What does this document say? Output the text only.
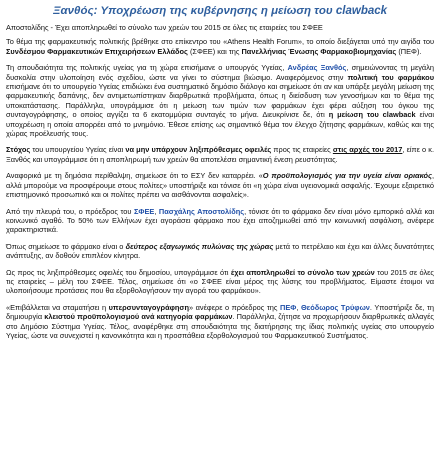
Ξανθός: Υποχρέωση της κυβέρνησης η μείωση του clawback
Αποστολίδης - Έχει αποπληρωθεί το σύνολο των χρεών του 2015 σε όλες τις εταιρείες του ΣΦΕΕ
Το θέμα της φαρμακευτικής πολιτικής βρέθηκε στο επίκεντρο του «Athens Health Forum», το οποίο διεξάγεται υπό την αιγίδα του Συνδέσμου Φαρμακευτικών Επιχειρήσεων Ελλάδος (ΣΦΕΕ) και της Πανελλήνιας Ένωσης Φαρμακοβιομηχανίας (ΠΕΦ).
Τη σπουδαιότητα της πολιτικής υγείας για τη χώρα επισήμανε ο υπουργός Υγείας, Ανδρέας Ξανθός, σημειώνοντας τη μεγάλη δυσκολία στην υλοποίηση ενός σχεδίου, ώστε να γίνει το σύστημα βιώσιμο. Αναφερόμενος στην πολιτική του φαρμάκου επισήμανε ότι το υπουργείο Υγείας επιδιώκει ένα συστηματικό δημόσιο διάλογο και σημείωσε ότι αν και υπάρξε μεγάλη μείωση της φαρμακευτικής δαπάνης, δεν αντιμετωπίστηκαν διαρθρωτικά προβλήματα, όπως η διείσδυση των γενοσήμων και το θέμα της υποκατάστασης. Παράλληλα, υπογράμμισε ότι η μείωση των τιμών των φαρμάκων έχει φέρει αύξηση του όγκου της συνταγογράφησης, ο οποίος αγγίζει τα 6 εκατομμύρια συνταγές το μήνα. Διευκρίνισε δε, ότι η μείωση του clawback είναι υποχρέωση η οποία απορρέει από το μνημόνιο. Έθεσε επίσης ως σημαντικό θέμα τον έλεγχο ζήτησης φαρμάκων, καθώς και της χώρας προέλευσής τους.
Στόχος του υπουργείου Υγείας είναι να μην υπάρχουν ληξιπρόθεσμες οφειλές προς τις εταιρείες στις αρχές του 2017, είπε ο κ. Ξανθός και υπογράμμισε ότι η αποπληρωμή των χρεών θα αποτελέσει σημαντική ένεση ρευστότητας.
Αναφορικά με τη δημόσια περίθαλψη, σημείωσε ότι το ΕΣΥ δεν καταρρέει. «Ο προϋπολογισμός για την υγεία είναι οριακός, αλλά μπορούμε να προσφέρουμε στους πολίτες» υποστήριξε και τόνισε ότι «η χώρα είναι υγειονομικά ασφαλής. Έχουμε εξαιρετικό επιστημονικό προσωπικό και οι πολίτες πρέπει να αισθάνονται ασφαλείς».
Από την πλευρά του, ο πρόεδρος του ΣΦΕΕ, Πασχάλης Αποστολίδης, τόνισε ότι το φάρμακο δεν είναι μόνο εμπορικό αλλά και κοινωνικό αγαθό. Το 50% των Ελλήνων έχει αγοράσει φάρμακο που έχει αποζημιωθεί από την κοινωνική ασφάλιση, ανέφερε χαρακτηριστικά.
Όπως σημείωσε το φάρμακο είναι ο δεύτερος εξαγωγικός πυλώνας της χώρας μετά το πετρέλαιο και έχει και άλλες δυνατότητες ανάπτυξης, αν δοθούν επιπλέον κίνητρα.
Ως προς τις ληξιπρόθεσμες οφειλές του δημοσίου, υπογράμμισε ότι έχει αποπληρωθεί το σύνολο των χρεών του 2015 σε όλες τις εταιρείες – μέλη του ΣΦΕΕ. Τέλος, σημείωσε ότι «ο ΣΦΕΕ είναι μέρος της λύσης του προβλήματος. Είμαστε έτοιμοι να υλοποιήσουμε προτάσεις που θα εξορθολογήσουν την αγορά του φαρμάκου».
«Επιβάλλεται να σταματήσει η υπερσυνταγογράφηση» ανέφερε ο πρόεδρος της ΠΕΦ, Θεόδωρος Τρύφων. Υποστήριξε δε, τη δημιουργία κλειστού προϋπολογισμού ανά κατηγορία φαρμάκων. Παράλληλα, ζήτησε να προχωρήσουν διαρθρωτικές αλλαγές στο Δημόσιο Σύστημα Υγείας. Τέλος, αναφέρθηκε στη σπουδαιότητα της διατήρησης της ίδιας πολιτικής υγείας στο υπουργείο Υγείας, ώστε να συνεχιστεί η κανονικότητα και η προσπάθεια εξορθολογισμού του Φαρμακευτικού Συστήματος.
